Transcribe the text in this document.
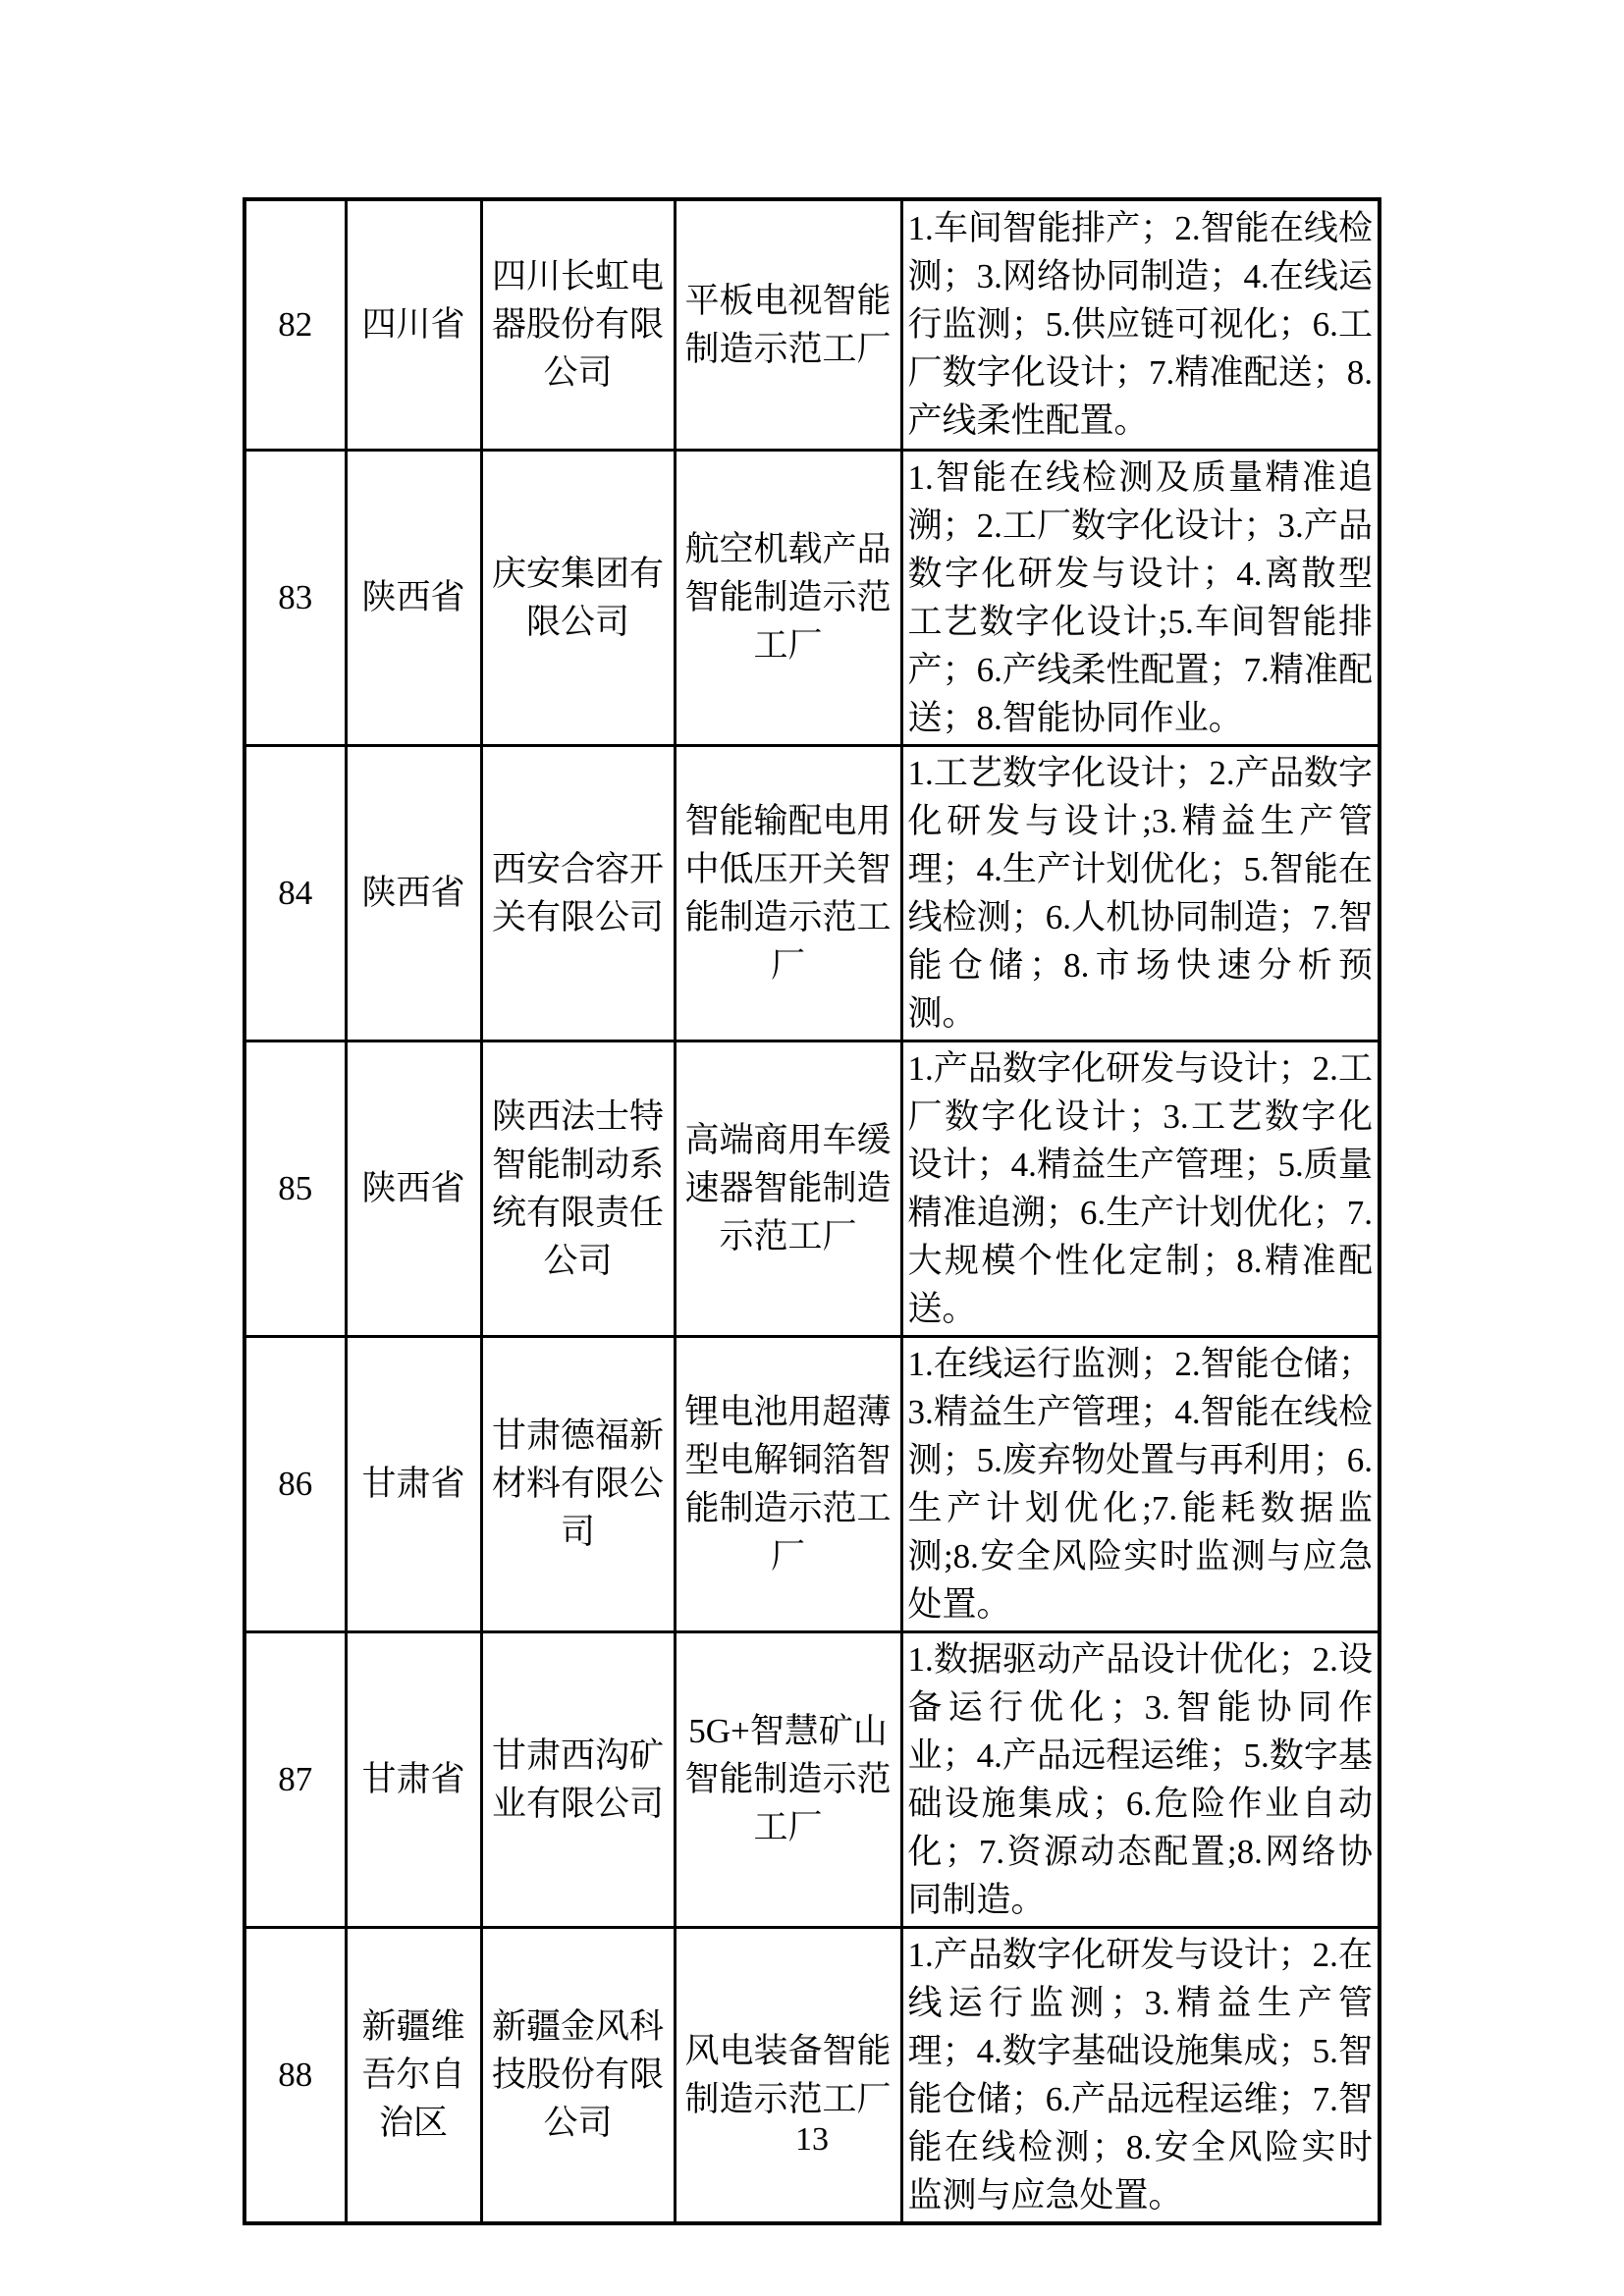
82	四川省	四川长虹电器股份有限公司	平板电视智能制造示范工厂	1.车间智能排产；2.智能在线检测；3.网络协同制造；4.在线运行监测；5.供应链可视化；6.工厂数字化设计；7.精准配送；8.产线柔性配置。
83	陕西省	庆安集团有限公司	航空机载产品智能制造示范工厂	1.智能在线检测及质量精准追溯；2.工厂数字化设计；3.产品数字化研发与设计；4.离散型工艺数字化设计;5.车间智能排产；6.产线柔性配置；7.精准配送；8.智能协同作业。
84	陕西省	西安合容开关有限公司	智能输配电用中低压开关智能制造示范工厂	1.工艺数字化设计；2.产品数字化研发与设计;3.精益生产管理；4.生产计划优化；5.智能在线检测；6.人机协同制造；7.智能仓储；8.市场快速分析预测。
85	陕西省	陕西法士特智能制动系统有限责任公司	高端商用车缓速器智能制造示范工厂	1.产品数字化研发与设计；2.工厂数字化设计；3.工艺数字化设计；4.精益生产管理；5.质量精准追溯；6.生产计划优化；7.大规模个性化定制；8.精准配送。
86	甘肃省	甘肃德福新材料有限公司	锂电池用超薄型电解铜箔智能制造示范工厂	1.在线运行监测；2.智能仓储；3.精益生产管理；4.智能在线检测；5.废弃物处置与再利用；6.生产计划优化;7.能耗数据监测;8.安全风险实时监测与应急处置。
87	甘肃省	甘肃西沟矿业有限公司	5G+智慧矿山智能制造示范工厂	1.数据驱动产品设计优化；2.设备运行优化；3.智能协同作业；4.产品远程运维；5.数字基础设施集成；6.危险作业自动化；7.资源动态配置;8.网络协同制造。
88	新疆维吾尔自治区	新疆金风科技股份有限公司	风电装备智能制造示范工厂	1.产品数字化研发与设计；2.在线运行监测；3.精益生产管理；4.数字基础设施集成；5.智能仓储；6.产品远程运维；7.智能在线检测；8.安全风险实时监测与应急处置。
13
